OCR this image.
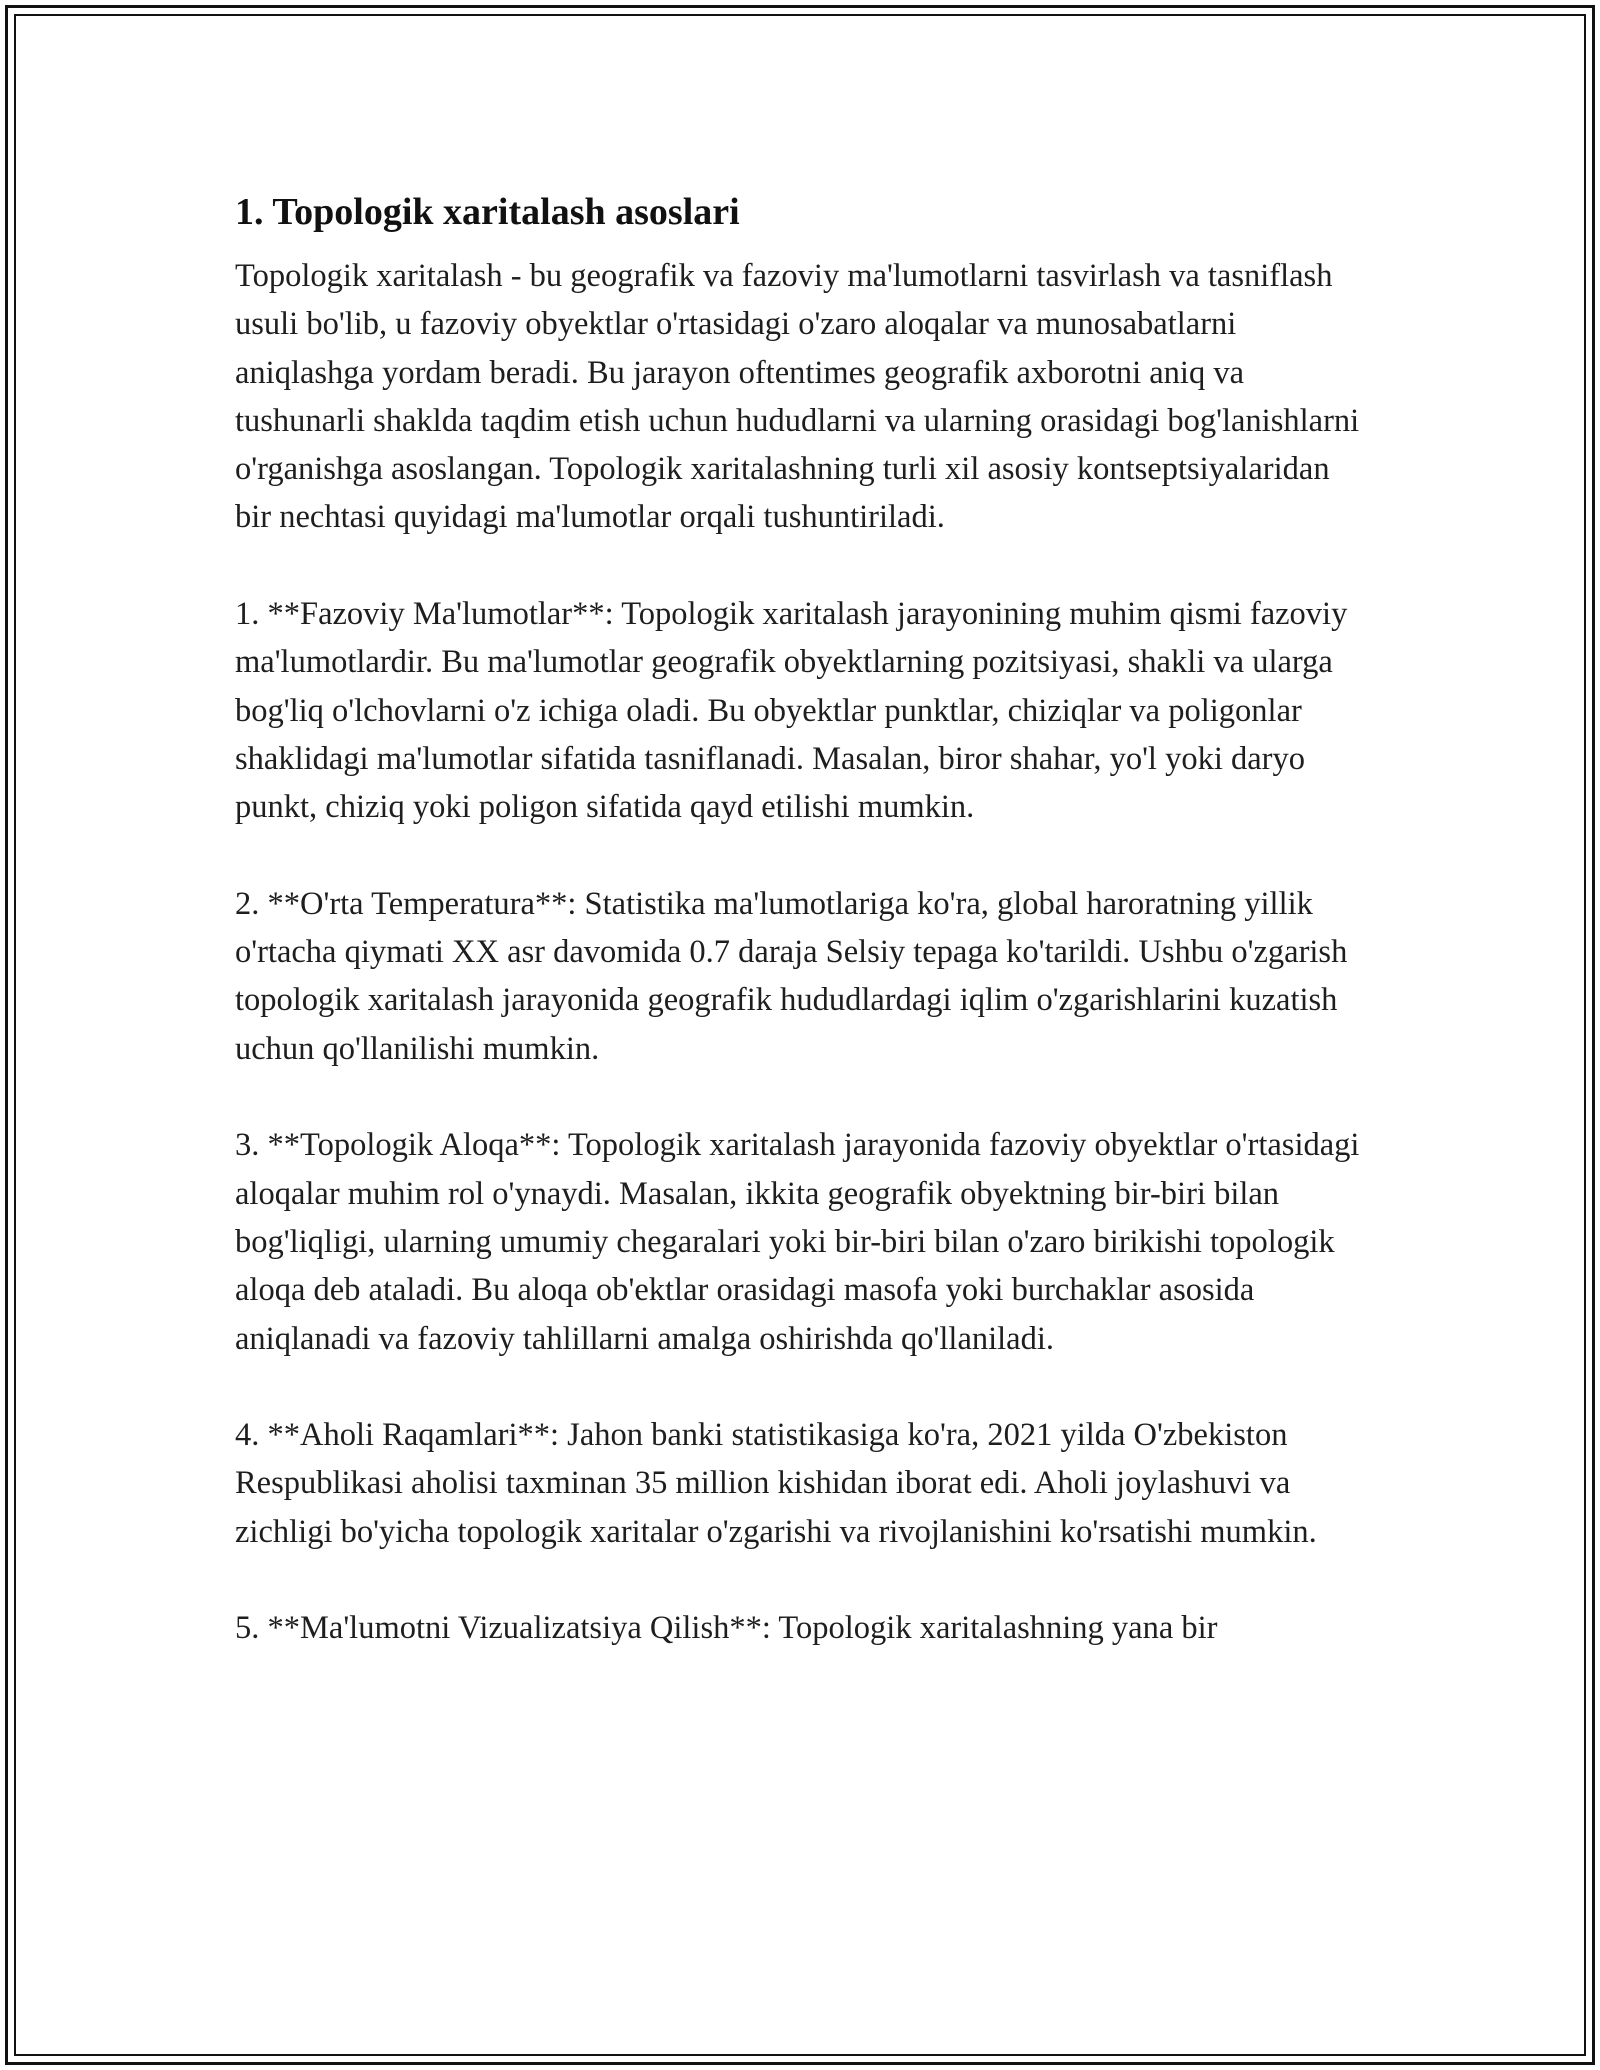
1. Topologik xaritalash asoslari

Topologik xaritalash - bu geografik va fazoviy ma'lumotlarni tasvirlash va tasniflash usuli bo'lib, u fazoviy obyektlar o'rtasidagi o'zaro aloqalar va munosabatlarni aniqlashga yordam beradi. Bu jarayon oftentimes geografik axborotni aniq va tushunarli shaklda taqdim etish uchun hududlarni va ularning orasidagi bog'lanishlarni o'rganishga asoslangan. Topologik xaritalashning turli xil asosiy kontseptsiyalaridan bir nechtasi quyidagi ma'lumotlar orqali tushuntiriladi.

1. **Fazoviy Ma'lumotlar**: Topologik xaritalash jarayonining muhim qismi fazoviy ma'lumotlardir. Bu ma'lumotlar geografik obyektlarning pozitsiyasi, shakli va ularga bog'liq o'lchovlarni o'z ichiga oladi. Bu obyektlar punktlar, chiziqlar va poligonlar shaklidagi ma'lumotlar sifatida tasniflanadi. Masalan, biror shahar, yo'l yoki daryo punkt, chiziq yoki poligon sifatida qayd etilishi mumkin.

2. **O'rta Temperatura**: Statistika ma'lumotlariga ko'ra, global haroratning yillik o'rtacha qiymati XX asr davomida 0.7 daraja Selsiy tepaga ko'tarildi. Ushbu o'zgarish topologik xaritalash jarayonida geografik hududlardagi iqlim o'zgarishlarini kuzatish uchun qo'llanilishi mumkin.

3. **Topologik Aloqa**: Topologik xaritalash jarayonida fazoviy obyektlar o'rtasidagi aloqalar muhim rol o'ynaydi. Masalan, ikkita geografik obyektning bir-biri bilan bog'liqligi, ularning umumiy chegaralari yoki bir-biri bilan o'zaro birikishi topologik aloqa deb ataladi. Bu aloqa ob'ektlar orasidagi masofa yoki burchaklar asosida aniqlanadi va fazoviy tahlillarni amalga oshirishda qo'llaniladi.

4. **Aholi Raqamlari**: Jahon banki statistikasiga ko'ra, 2021 yilda O'zbekiston Respublikasi aholisi taxminan 35 million kishidan iborat edi. Aholi joylashuvi va zichligi bo'yicha topologik xaritalar o'zgarishi va rivojlanishini ko'rsatishi mumkin.

5. **Ma'lumotni Vizualizatsiya Qilish**: Topologik xaritalashning yana bir
